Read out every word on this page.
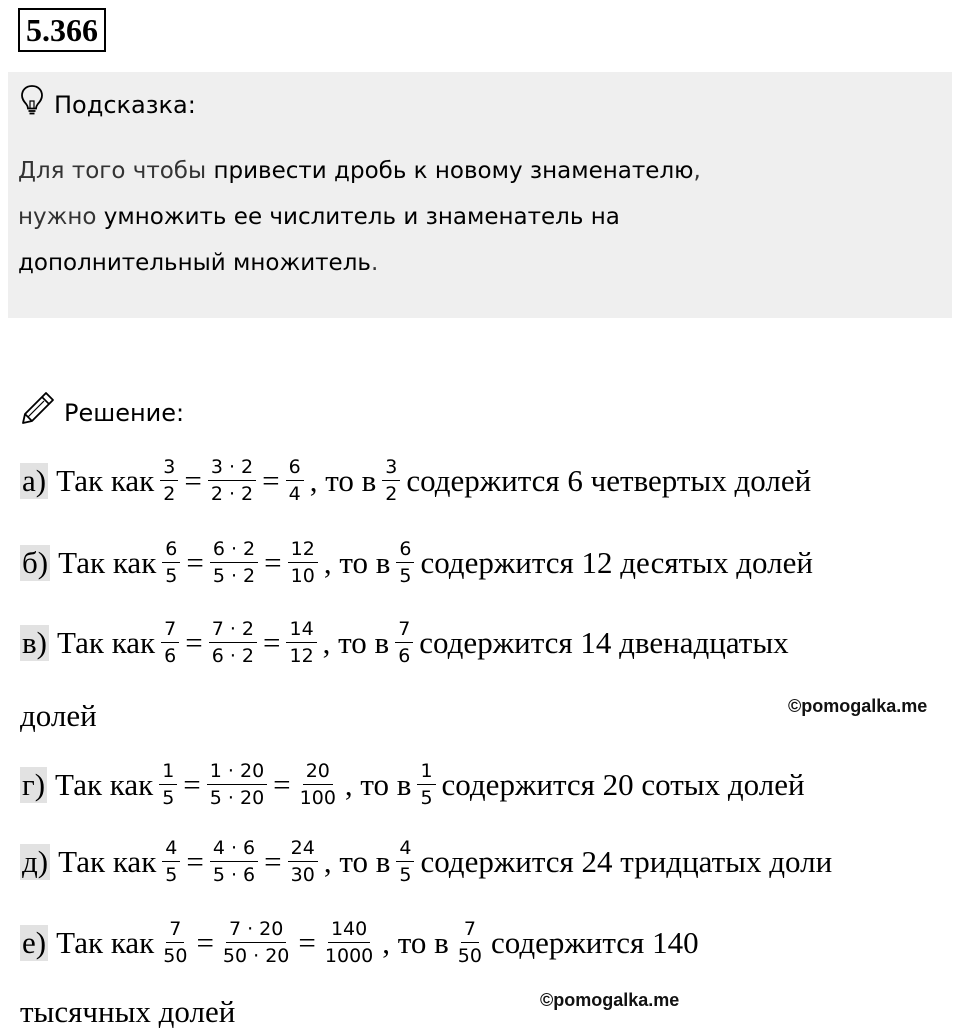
5.366
Подсказка:
Для того чтобы привести дробь к новому знаменателю,
нужно умножить ее числитель и знаменатель на
дополнительный множитель.
Решение:
а) Так как $\frac{3}{2} = \frac{3 \cdot 2}{2 \cdot 2} = \frac{6}{4}$ , то в $\frac{3}{2}$ содержится 6 четвертых долей
б) Так как $\frac{6}{5} = \frac{6 \cdot 2}{5 \cdot 2} = \frac{12}{10}$ , то в $\frac{6}{5}$ содержится 12 десятых долей
в) Так как $\frac{7}{6} = \frac{7 \cdot 2}{6 \cdot 2} = \frac{14}{12}$ , то в $\frac{7}{6}$ содержится 14 двенадцатых
долей
г) Так как $\frac{1}{5} = \frac{1 \cdot 20}{5 \cdot 20} = \frac{20}{100}$ , то в $\frac{1}{5}$ содержится 20 сотых долей
д) Так как $\frac{4}{5} = \frac{4 \cdot 6}{5 \cdot 6} = \frac{24}{30}$ , то в $\frac{4}{5}$ содержится 24 тридцатых доли
е) Так как $\frac{7}{50} = \frac{7 \cdot 20}{50 \cdot 20} = \frac{140}{1000}$ , то в $\frac{7}{50}$ содержится 140
тысячных долей
©pomogalka.me
©pomogalka.me
